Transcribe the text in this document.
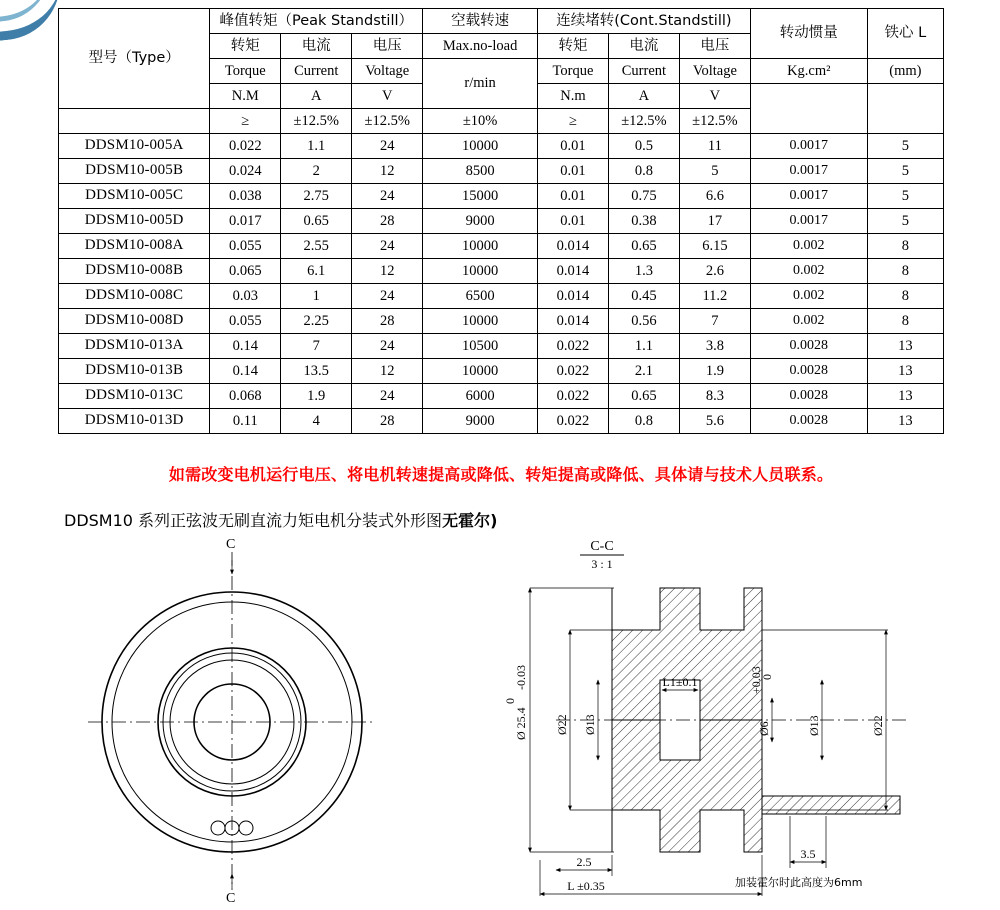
型号（Type）	峰值转矩（Peak Standstill）			空载转速	连续堵转(Cont.Standstill)			转动惯量	铁心 L
	转矩	电流	电压	Max.no-load	转矩	电流	电压		
	Torque	Current	Voltage	r/min	Torque	Current	Voltage	Kg.cm²	(mm)
	N.M	A	V		N.m	A	V		
	≥	±12.5%	±12.5%	±10%	≥	±12.5%	±12.5%		
DDSM10-005A	0.022	1.1	24	10000	0.01	0.5	11	0.0017	5
DDSM10-005B	0.024	2	12	8500	0.01	0.8	5	0.0017	5
DDSM10-005C	0.038	2.75	24	15000	0.01	0.75	6.6	0.0017	5
DDSM10-005D	0.017	0.65	28	9000	0.01	0.38	17	0.0017	5
DDSM10-008A	0.055	2.55	24	10000	0.014	0.65	6.15	0.002	8
DDSM10-008B	0.065	6.1	12	10000	0.014	1.3	2.6	0.002	8
DDSM10-008C	0.03	1	24	6500	0.014	0.45	11.2	0.002	8
DDSM10-008D	0.055	2.25	28	10000	0.014	0.56	7	0.002	8
DDSM10-013A	0.14	7	24	10500	0.022	1.1	3.8	0.0028	13
DDSM10-013B	0.14	13.5	12	10000	0.022	2.1	1.9	0.0028	13
DDSM10-013C	0.068	1.9	24	6000	0.022	0.65	8.3	0.0028	13
DDSM10-013D	0.11	4	28	9000	0.022	0.8	5.6	0.0028	13
如需改变电机运行电压、将电机转速提高或降低、转矩提高或降低、具体请与技术人员联系。
DDSM10 系列正弦波无刷直流力矩电机分装式外形图无霍尔)
C
C
C-C
3 : 1
Ø 25.4
0
-0.03
Ø22 Ø13
L1±0.1
Ø6
+0.03
0
Ø13	Ø22
2.5
L ±0.35
3.5
加装霍尔时此高度为6mm
